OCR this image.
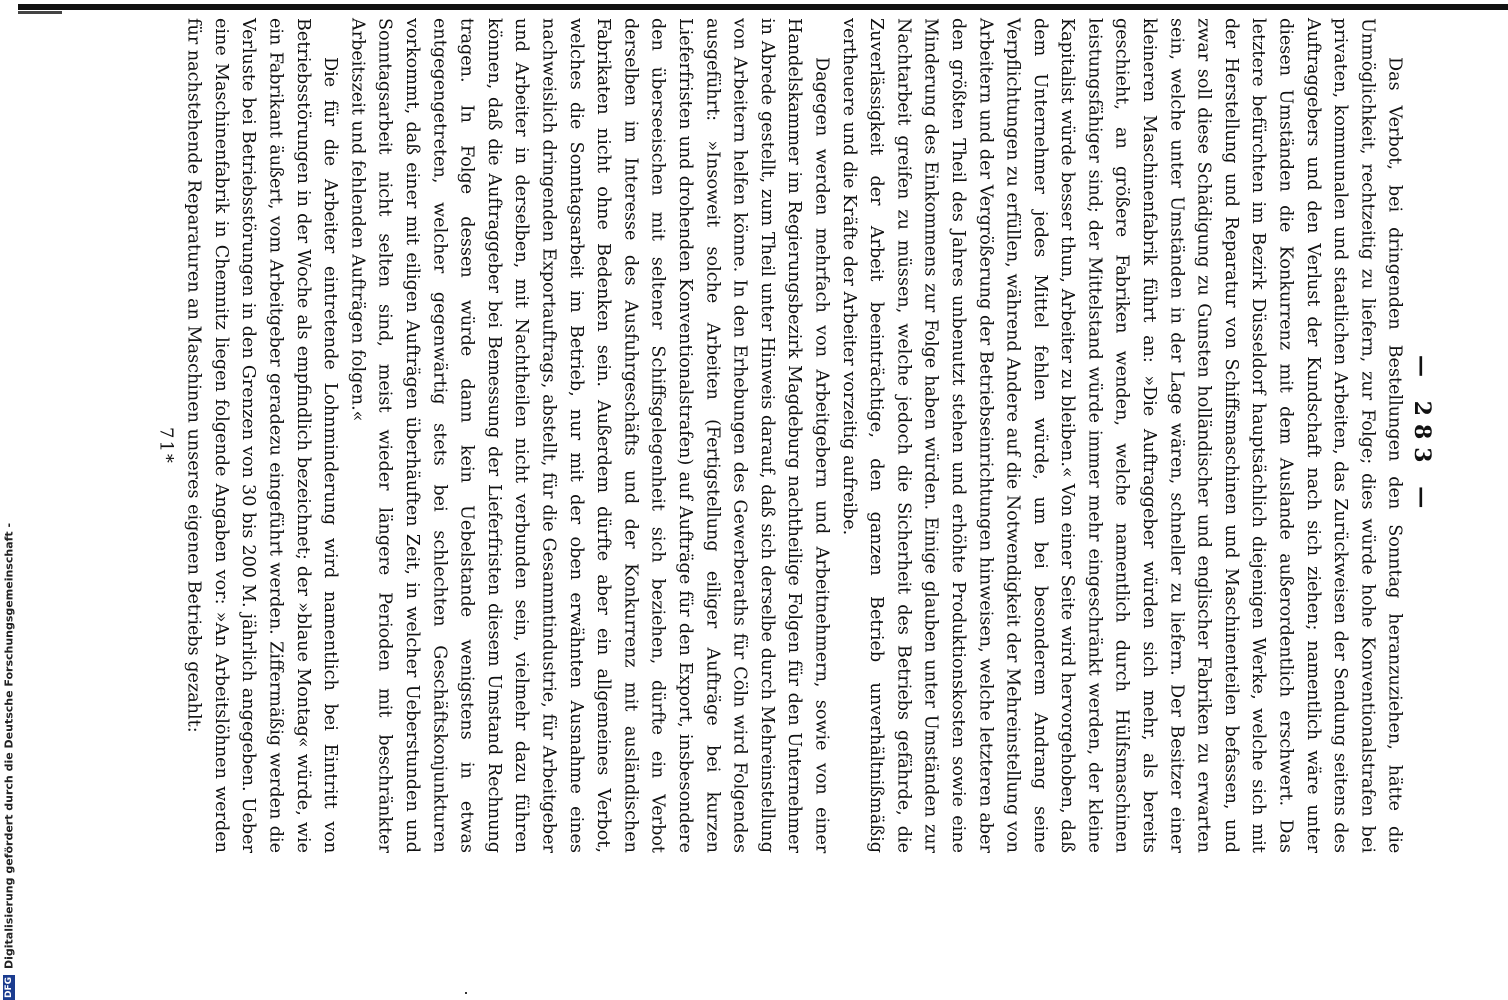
DFG
Digitalisierung gefördert durch die Deutsche Forschungsgemeinschaft -
— 283 —

Das Verbot, bei dringenden Bestellungen den Sonntag heranzuziehen, hätte die Unmöglichkeit, rechtzeitig zu liefern, zur Folge; dies würde hohe Konventionalstrafen bei privaten, kommunalen und staatlichen Arbeiten, das Zurückweisen der Sendung seitens des Auftraggebers und den Verlust der Kundschaft nach sich ziehen; namentlich wäre unter diesen Umständen die Konkurrenz mit dem Auslande außerordentlich erschwert. Das letztere befürchten im Bezirk Düsseldorf hauptsächlich diejenigen Werke, welche sich mit der Herstellung und Reparatur von Schiffsmaschinen und Maschinenteilen befassen, und zwar soll diese Schädigung zu Gunsten holländischer und englischer Fabriken zu erwarten sein, welche unter Umständen in der Lage wären, schneller zu liefern. Der Besitzer einer kleineren Maschinenfabrik führt an: »Die Auftraggeber würden sich mehr, als bereits geschieht, an größere Fabriken wenden, welche namentlich durch Hülfsmaschinen leistungsfähiger sind; der Mittelstand würde immer mehr eingeschränkt werden, der kleine Kapitalist würde besser thun, Arbeiter zu bleiben.« Von einer Seite wird hervorgehoben, daß dem Unternehmer jedes Mittel fehlen würde, um bei besonderem Andrang seine Verpflichtungen zu erfüllen, während Andere auf die Notwendigkeit der Mehreinstellung von Arbeitern und der Vergrößerung der Betriebseinrichtungen hinweisen, welche letzteren aber den größten Theil des Jahres unbenutzt stehen und erhöhte Produktionskosten sowie eine Minderung des Einkommens zur Folge haben würden. Einige glauben unter Umständen zur Nachtarbeit greifen zu müssen, welche jedoch die Sicherheit des Betriebs gefährde, die Zuverlässigkeit der Arbeit beeinträchtige, den ganzen Betrieb unverhältnißmäßig vertheuere und die Kräfte der Arbeiter vorzeitig aufreibe.

Dagegen werden mehrfach von Arbeitgebern und Arbeitnehmern, sowie von einer Handelskammer im Regierungsbezirk Magdeburg nachtheilige Folgen für den Unternehmer in Abrede gestellt, zum Theil unter Hinweis darauf, daß sich derselbe durch Mehreinstellung von Arbeitern helfen könne. In den Erhebungen des Gewerberaths für Cöln wird Folgendes ausgeführt: »Insoweit solche Arbeiten (Fertigstellung eiliger Aufträge bei kurzen Lieferfristen und drohenden Konventionalstrafen) auf Aufträge für den Export, insbesondere den überseeischen mit seltener Schiffsgelegenheit sich beziehen, dürfte ein Verbot derselben im Interesse des Ausfuhrgeschäfts und der Konkurrenz mit ausländischen Fabrikaten nicht ohne Bedenken sein. Außerdem dürfte aber ein allgemeines Verbot, welches die Sonntagsarbeit im Betrieb, nur mit der oben erwähnten Ausnahme eines nachweislich dringenden Exportauftrags, abstellt, für die Gesammtindustrie, für Arbeitgeber und Arbeiter in derselben, mit Nachtheilen nicht verbunden sein, vielmehr dazu führen können, daß die Auftraggeber bei Bemessung der Lieferfristen diesem Umstand Rechnung tragen. In Folge dessen würde dann kein Uebelstande wenigstens in etwas entgegengetreten, welcher gegenwärtig stets bei schlechten Geschäftskonjunkturen vorkommt, daß einer mit eiligen Aufträgen überhäuften Zeit, in welcher Ueberstunden und Sonntagsarbeit nicht selten sind, meist wieder längere Perioden mit beschränkter Arbeitszeit und fehlenden Aufträgen folgen.«

Die für die Arbeiter eintretende Lohnminderung wird namentlich bei Eintritt von Betriebsstörungen in der Woche als empfindlich bezeichnet; der »blaue Montag« würde, wie ein Fabrikant äußert, vom Arbeitgeber geradezu eingeführt werden. Ziffermäßig werden die Verluste bei Betriebsstörungen in den Grenzen von 30 bis 200 M. jährlich angegeben. Ueber eine Maschinenfabrik in Chemnitz liegen folgende Angaben vor: »An Arbeitslöhnen werden für nachstehende Reparaturen an Maschinen unseres eigenen Betriebs gezahlt:

71*
